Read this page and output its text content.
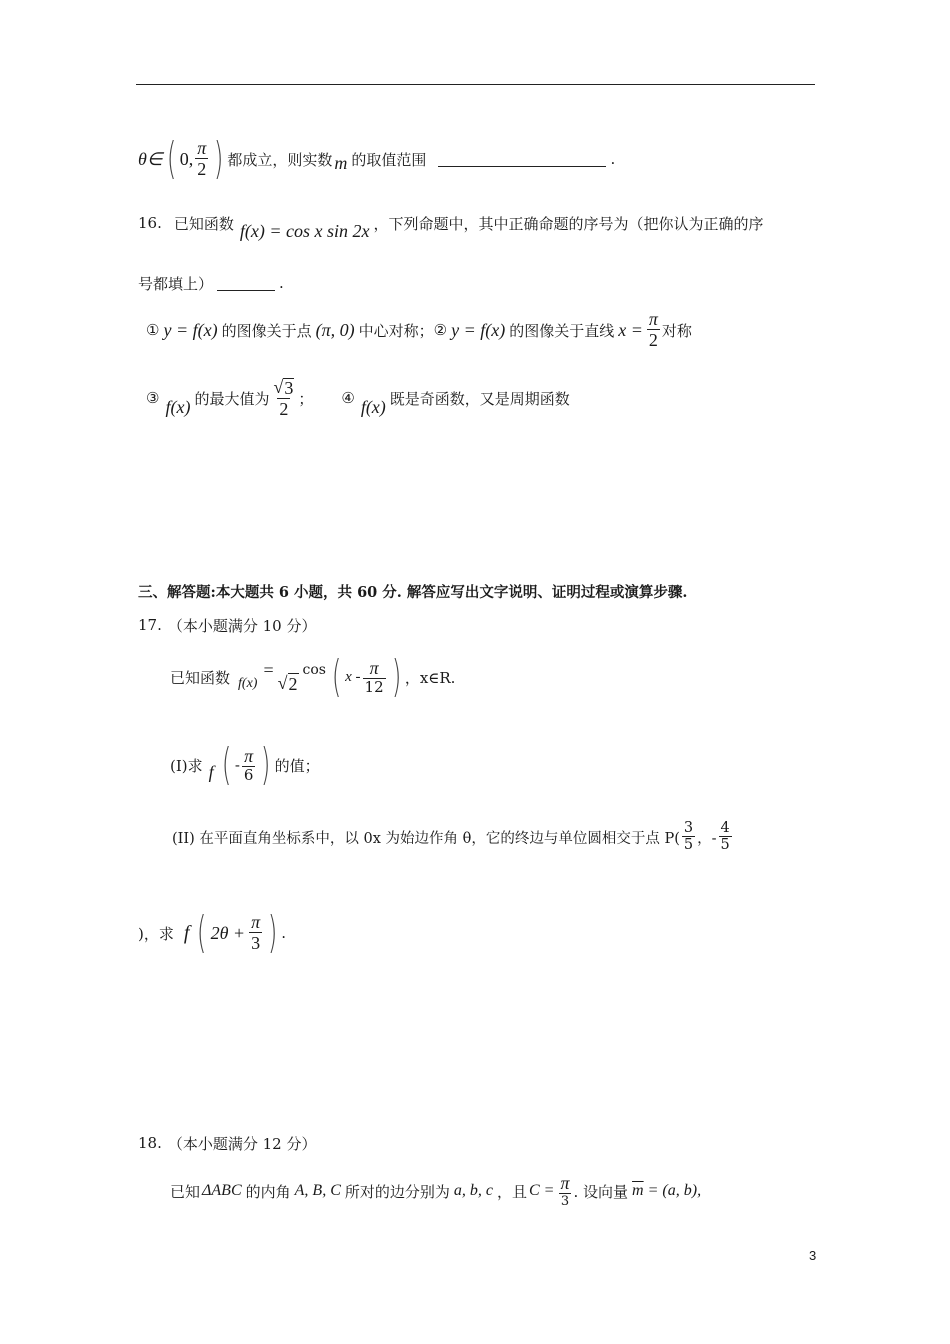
θ∈ ( 0, $\frac{\pi}{2}$ ) 都成立，则实数 m 的取值范围	.
16. 已知函数 f(x) = cos x sin 2x ，下列命题中，其中正确命题的序号为（把你认为正确的序
号都填上）	.
① y = f(x) 的图像关于点 (π, 0) 中心对称； ② y = f(x) 的图像关于直线 $x = \frac{\pi}{2}$ 对称
③ f(x) 的最大值为 $\frac{√ 3}{2}$ ； ④ f(x) 既是奇函数，又是周期函数
三、解答题:本大题共 6 小题，共 60 分. 解答应写出文字说明、证明过程或演算步骤.
17. （本小题满分 10 分）
已知函数 f(x)
=
√ 2
cos ( x - $\frac{\pi}{12}$ ) ，x∈R.
(I)求 f ( - $\frac{\pi}{6}$ ) 的值；
(II) 在平面直角坐标系中，以 0x 为始边作角 θ，它的终边与单位圆相交于点 $P( \frac{3}{5}$ ，- $\frac{4}{5}$
)，求 f ( $2\theta + \frac{\pi}{3}$ ) .
18. （本小题满分 12 分）
已知 ΔABC 的内角 A, B, C 所对的边分别为 a, b, c ，且 $C = \frac{\pi}{3}$ . 设向量 $\overline{m} = (a$, b),
3
